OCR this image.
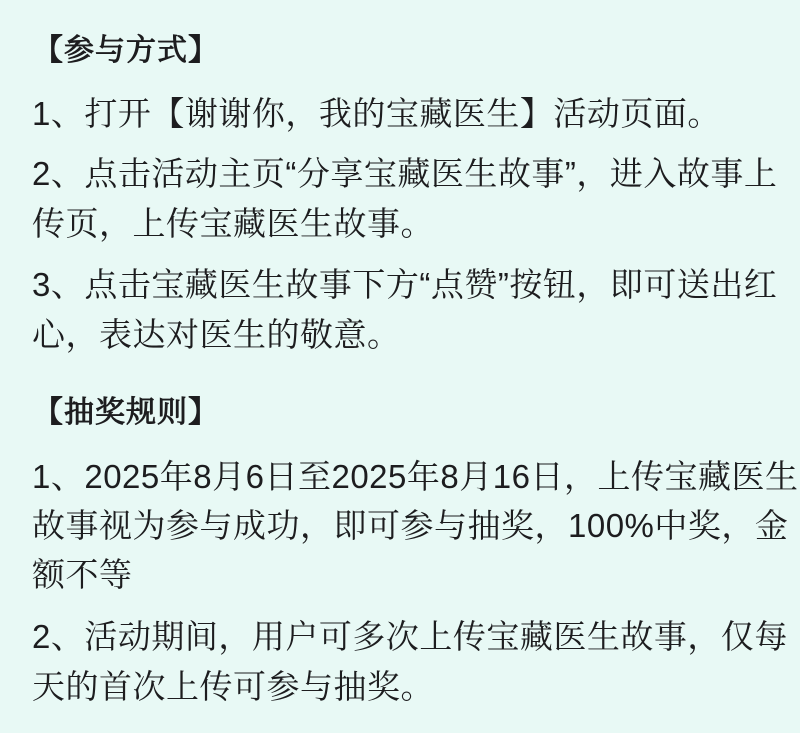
【参与方式】
1、打开【谢谢你，我的宝藏医生】活动页面。
2、点击活动主页“分享宝藏医生故事”，进入故事上
传页，上传宝藏医生故事。
3、点击宝藏医生故事下方“点赞”按钮，即可送出红
心，表达对医生的敬意。
【抽奖规则】
1、2025年8月6日至2025年8月16日，上传宝藏医生
故事视为参与成功，即可参与抽奖，100%中奖，金
额不等
2、活动期间，用户可多次上传宝藏医生故事，仅每
天的首次上传可参与抽奖。
